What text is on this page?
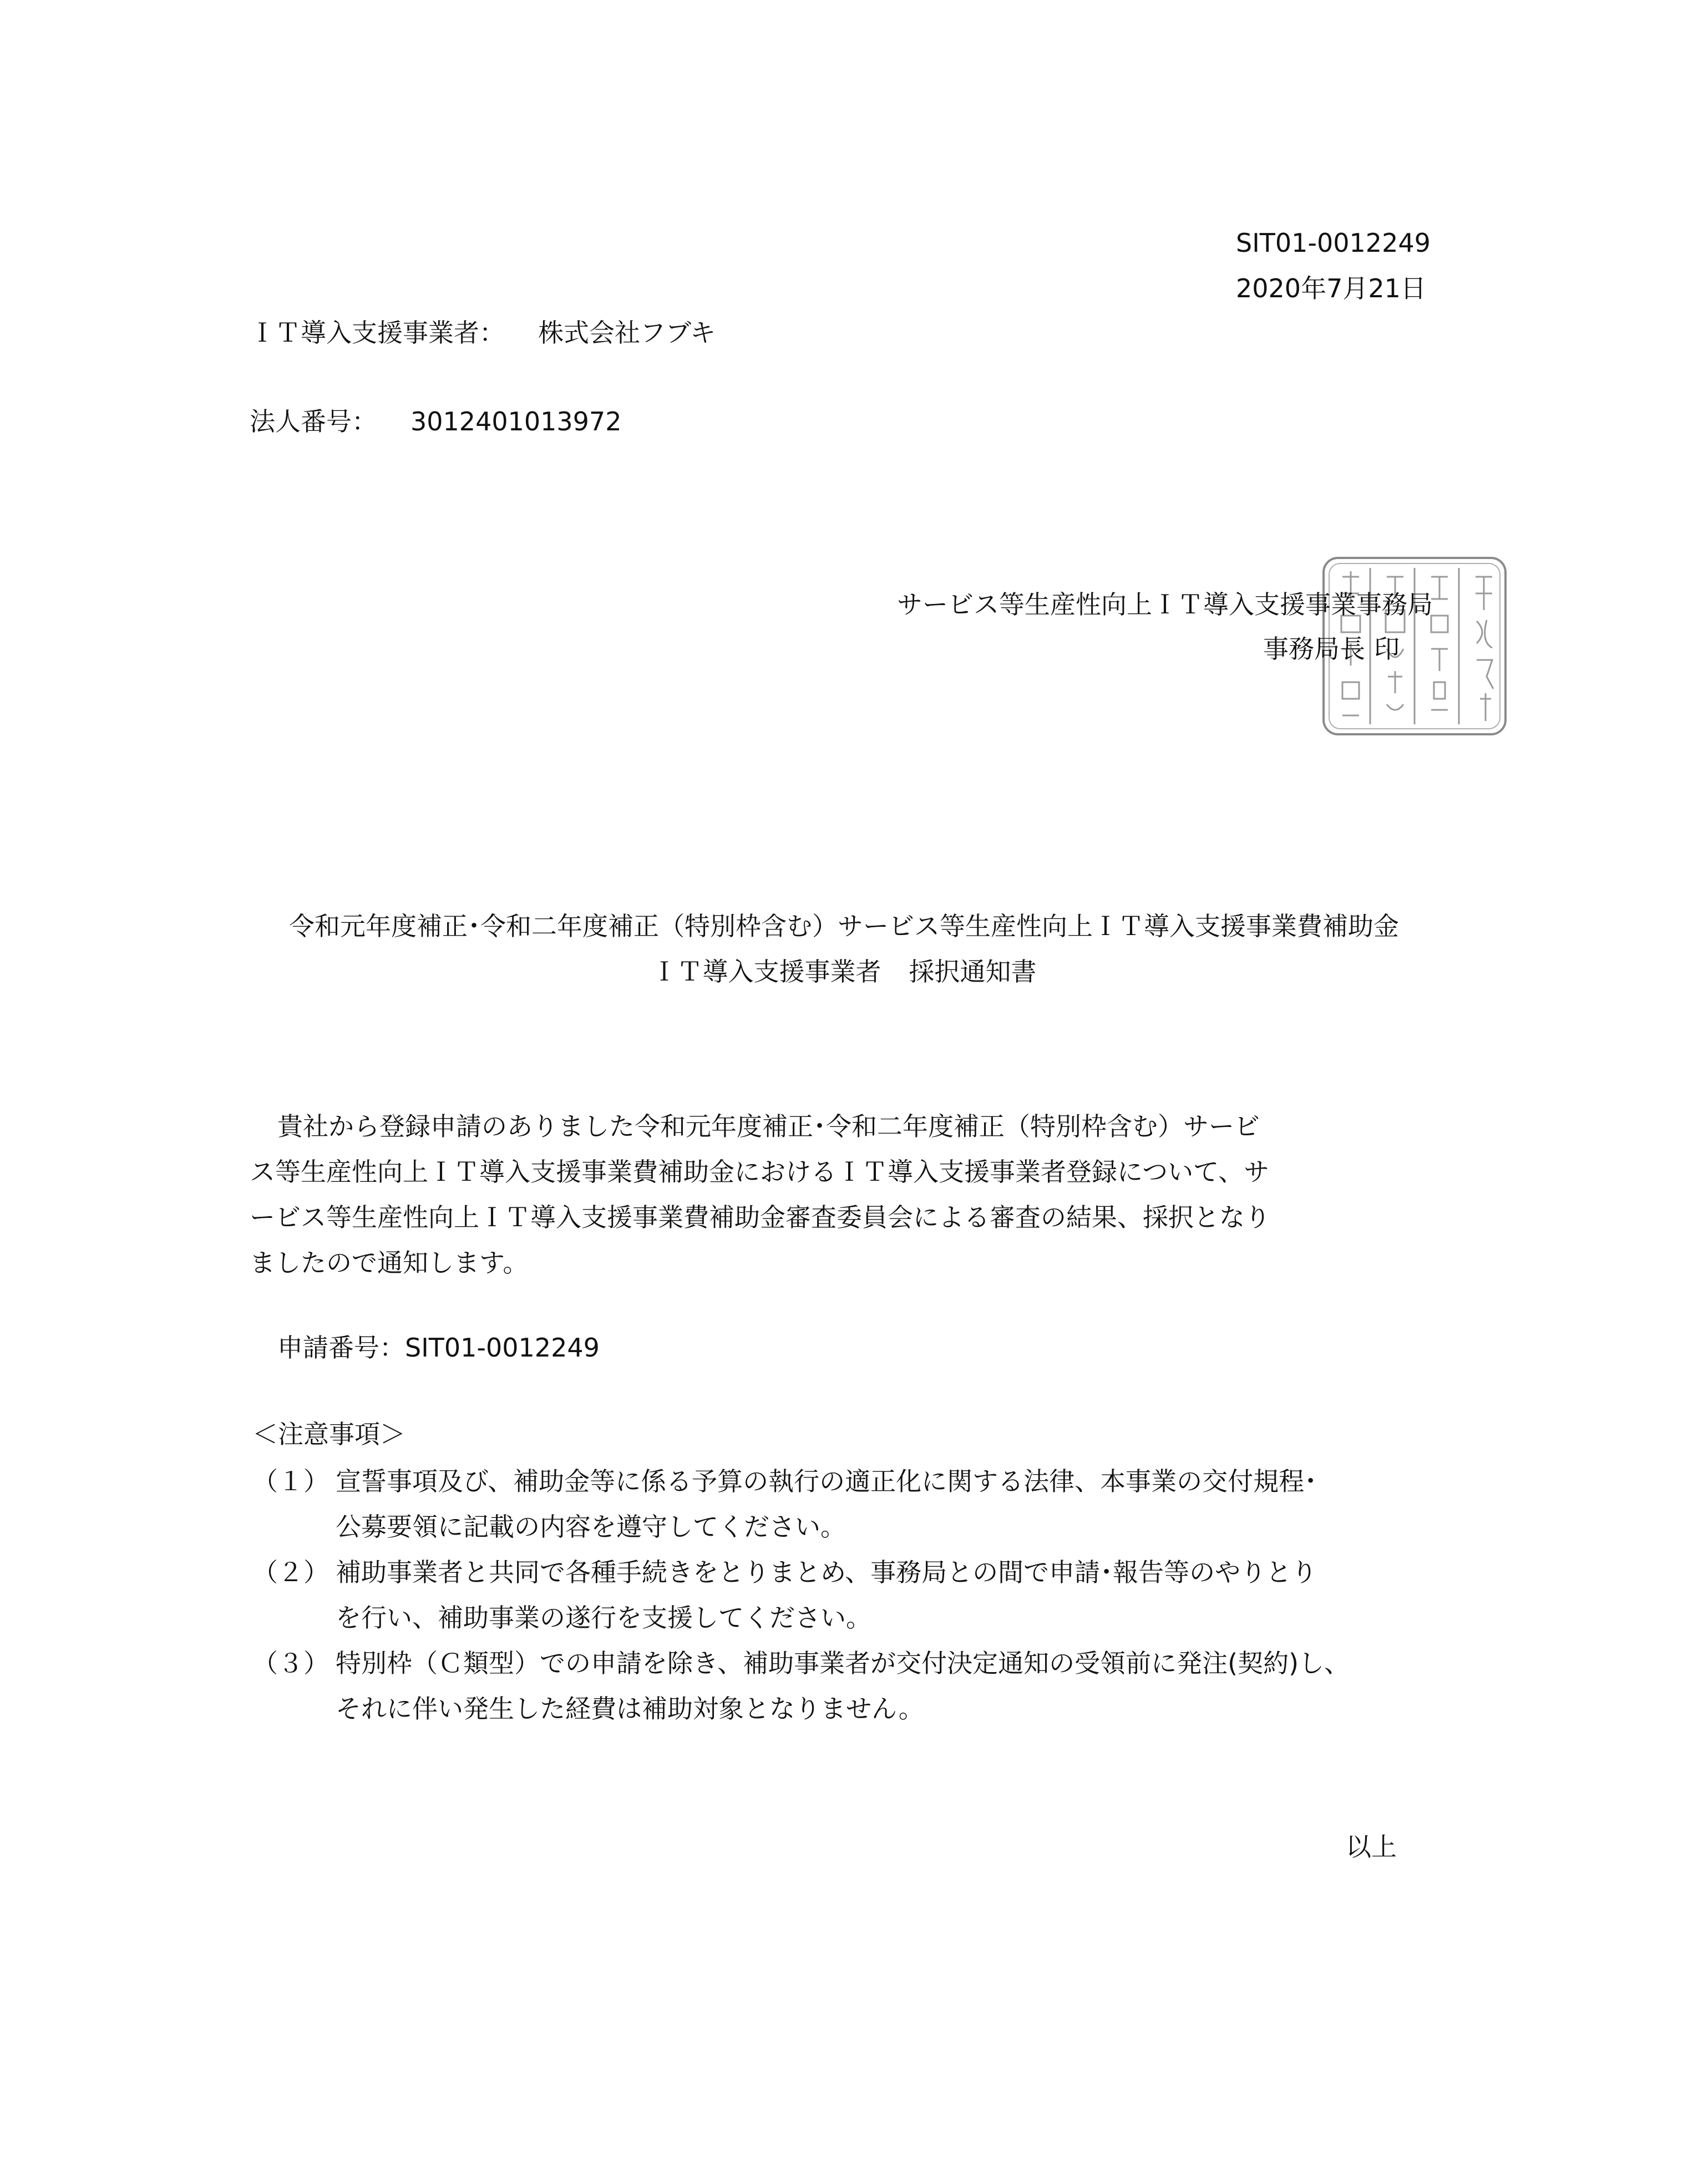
SIT01-0012249
2020年7月21日
ＩＴ導入支援事業者： 株式会社フブキ
法人番号： 3012401013972
サービス等生産性向上ＩＴ導入支援事業事務局
事務局長 印
令和元年度補正･令和二年度補正（特別枠含む）サービス等生産性向上ＩＴ導入支援事業費補助金
ＩＴ導入支援事業者 採択通知書

貴社から登録申請のありました令和元年度補正･令和二年度補正（特別枠含む）サービ

ス等生産性向上ＩＴ導入支援事業費補助金におけるＩＴ導入支援事業者登録について、サ

ービス等生産性向上ＩＴ導入支援事業費補助金審査委員会による審査の結果、採択となり

ましたので通知します。

申請番号：SIT01-0012249
＜注意事項＞
（１） 宣誓事項及び、補助金等に係る予算の執行の適正化に関する法律、本事業の交付規程･
公募要領に記載の内容を遵守してください。
（２） 補助事業者と共同で各種手続きをとりまとめ、事務局との間で申請･報告等のやりとり
を行い、補助事業の遂行を支援してください。
（３） 特別枠（Ｃ類型）での申請を除き、補助事業者が交付決定通知の受領前に発注(契約)し、
それに伴い発生した経費は補助対象となりません。
以上
